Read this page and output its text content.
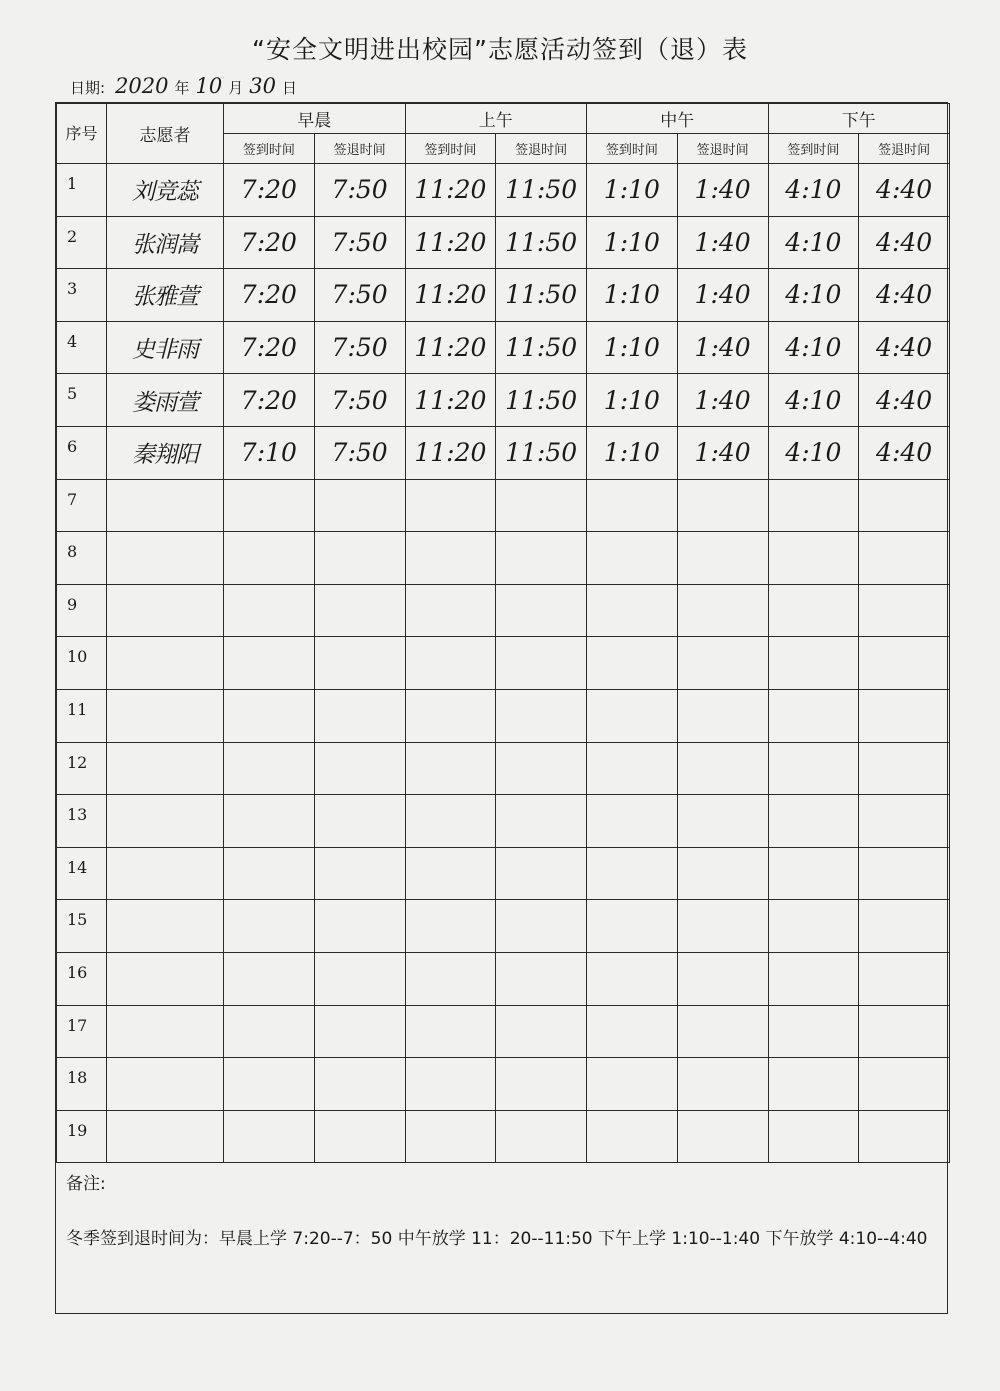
“安全文明进出校园”志愿活动签到（退）表
日期: 2020 年 10 月 30 日
序号	志愿者	早晨		上午		中午		下午	
		签到时间	签退时间	签到时间	签退时间	签到时间	签退时间	签到时间	签退时间
1	刘竞蕊	7:20	7:50	11:20	11:50	1:10	1:40	4:10	4:40
2	张润嵩	7:20	7:50	11:20	11:50	1:10	1:40	4:10	4:40
3	张雅萱	7:20	7:50	11:20	11:50	1:10	1:40	4:10	4:40
4	史非雨	7:20	7:50	11:20	11:50	1:10	1:40	4:10	4:40
5	娄雨萱	7:20	7:50	11:20	11:50	1:10	1:40	4:10	4:40
6	秦翔阳	7:10	7:50	11:20	11:50	1:10	1:40	4:10	4:40
7									
8									
9									
10									
11									
12									
13									
14									
15									
16									
17									
18									
19									
备注:
冬季签到退时间为：早晨上学 7:20--7：50 中午放学 11：20--11:50 下午上学 1:10--1:40 下午放学 4:10--4:40
